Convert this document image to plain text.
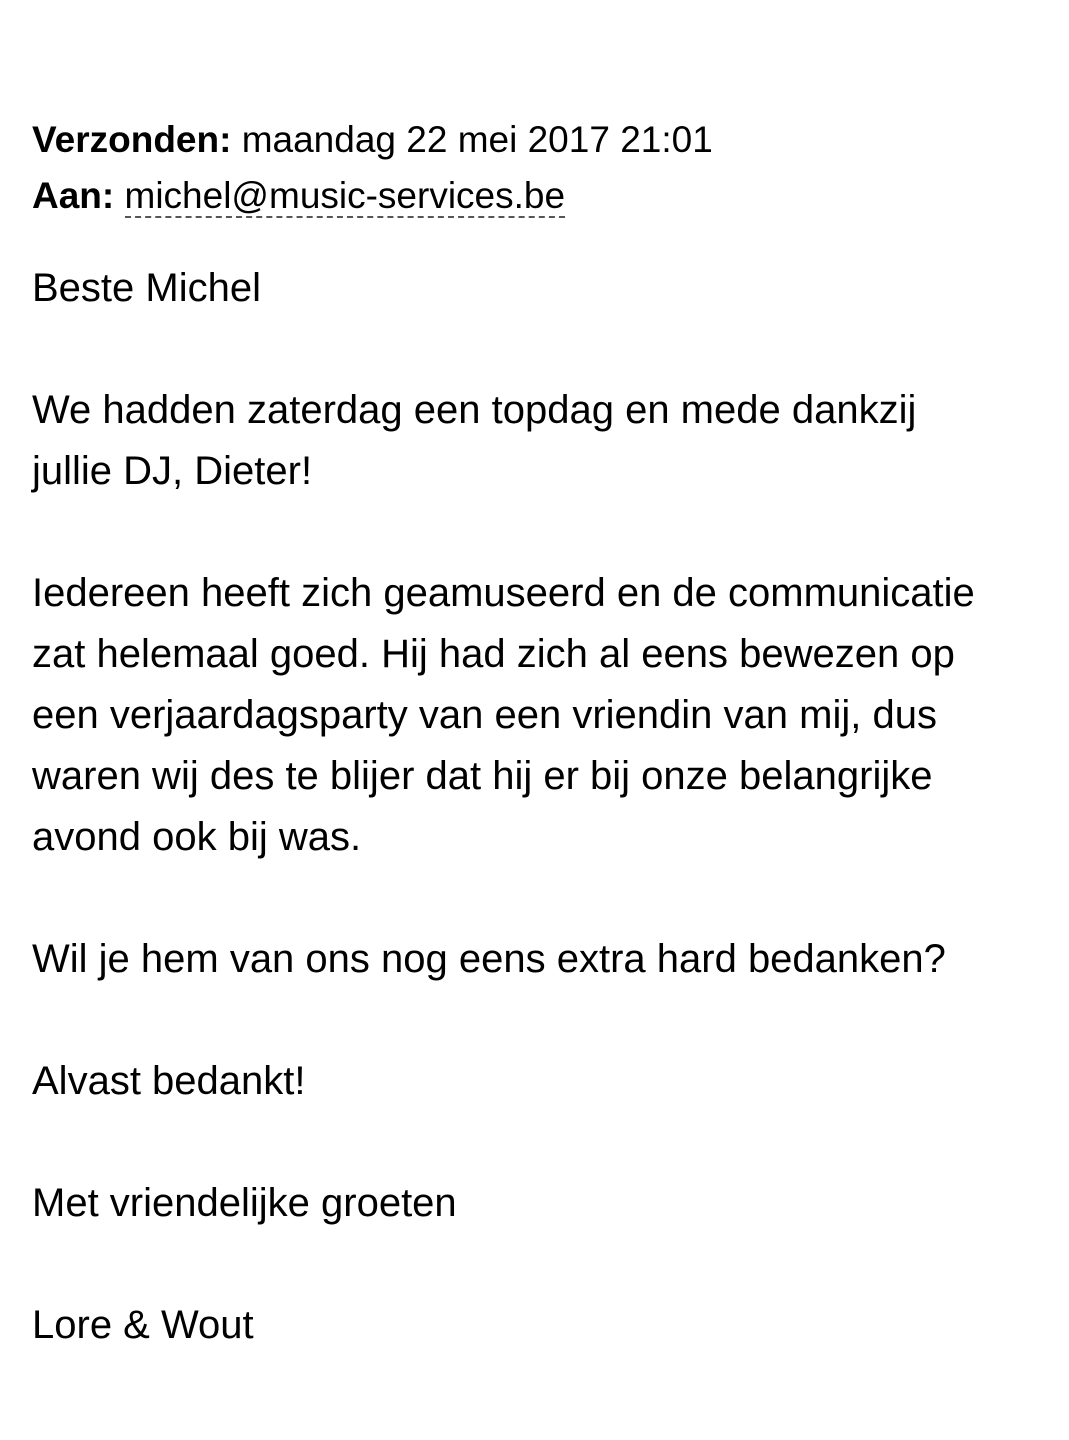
Verzonden: maandag 22 mei 2017 21:01
Aan: michel@music-services.be

Beste Michel

We hadden zaterdag een topdag en mede dankzij

jullie DJ, Dieter!

Iedereen heeft zich geamuseerd en de communicatie

zat helemaal goed. Hij had zich al eens bewezen op

een verjaardagsparty van een vriendin van mij, dus

waren wij des te blijer dat hij er bij onze belangrijke

avond ook bij was.

Wil je hem van ons nog eens extra hard bedanken?

Alvast bedankt!

Met vriendelijke groeten

Lore & Wout
